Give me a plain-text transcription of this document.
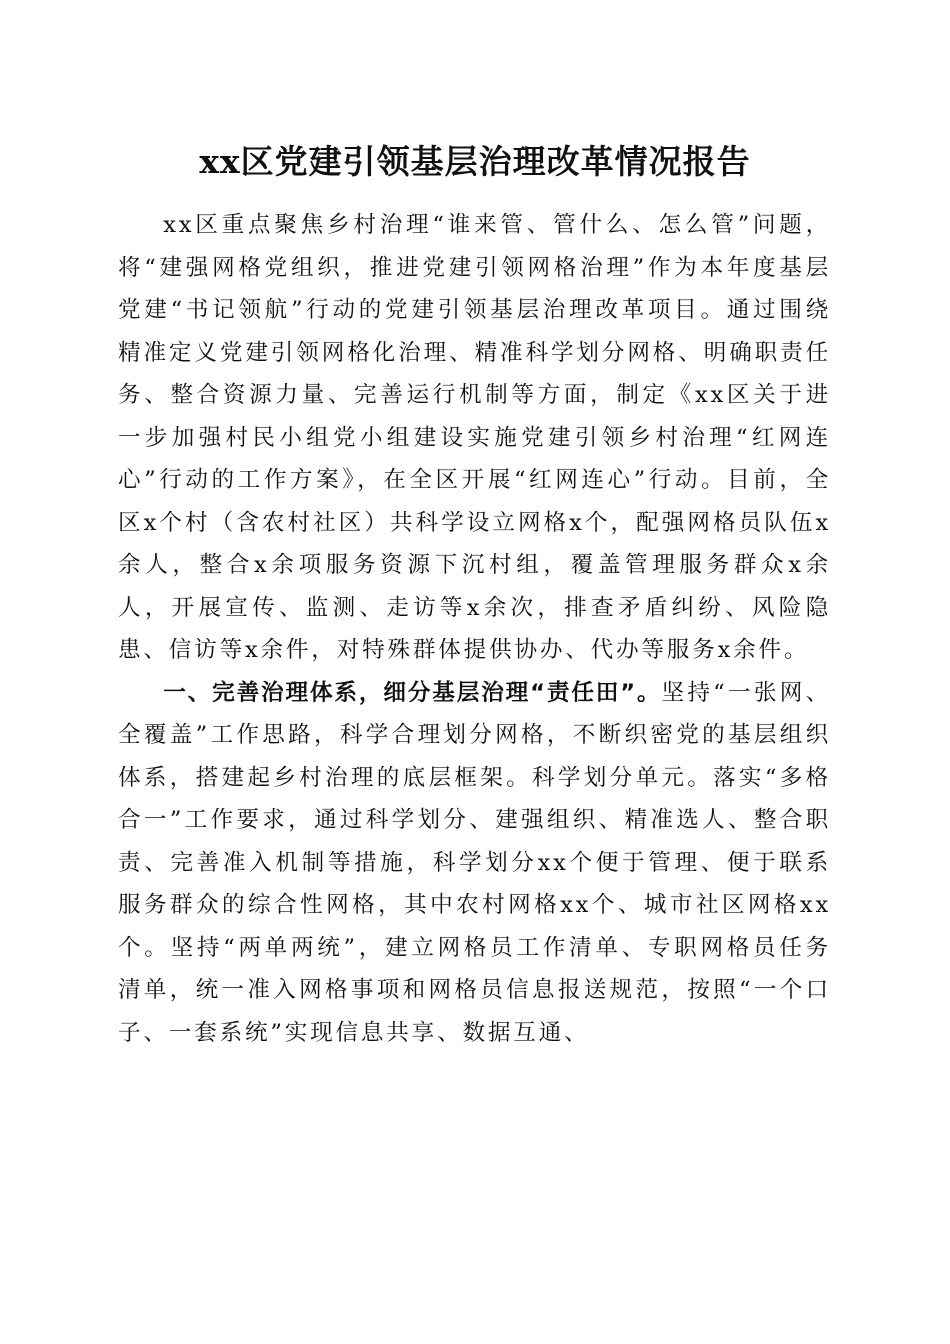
xx区党建引领基层治理改革情况报告

xx区重点聚焦乡村治理“谁来管、管什么、怎么管”问题，将“建强网格党组织，推进党建引领网格治理”作为本年度基层党建“书记领航”行动的党建引领基层治理改革项目。通过围绕精准定义党建引领网格化治理、精准科学划分网格、明确职责任务、整合资源力量、完善运行机制等方面，制定《xx区关于进一步加强村民小组党小组建设实施党建引领乡村治理“红网连心”行动的工作方案》，在全区开展“红网连心”行动。目前，全区x个村（含农村社区）共科学设立网格x个，配强网格员队伍x余人，整合x余项服务资源下沉村组，覆盖管理服务群众x余人，开展宣传、监测、走访等x余次，排查矛盾纠纷、风险隐患、信访等x余件，对特殊群体提供协办、代办等服务x余件。

一、完善治理体系，细分基层治理“责任田”。坚持“一张网、全覆盖”工作思路，科学合理划分网格，不断织密党的基层组织体系，搭建起乡村治理的底层框架。科学划分单元。落实“多格合一”工作要求，通过科学划分、建强组织、精准选人、整合职责、完善准入机制等措施，科学划分xx个便于管理、便于联系服务群众的综合性网格，其中农村网格xx个、城市社区网格xx个。坚持“两单两统”，建立网格员工作清单、专职网格员任务清单，统一准入网格事项和网格员信息报送规范，按照“一个口子、一套系统”实现信息共享、数据互通、
